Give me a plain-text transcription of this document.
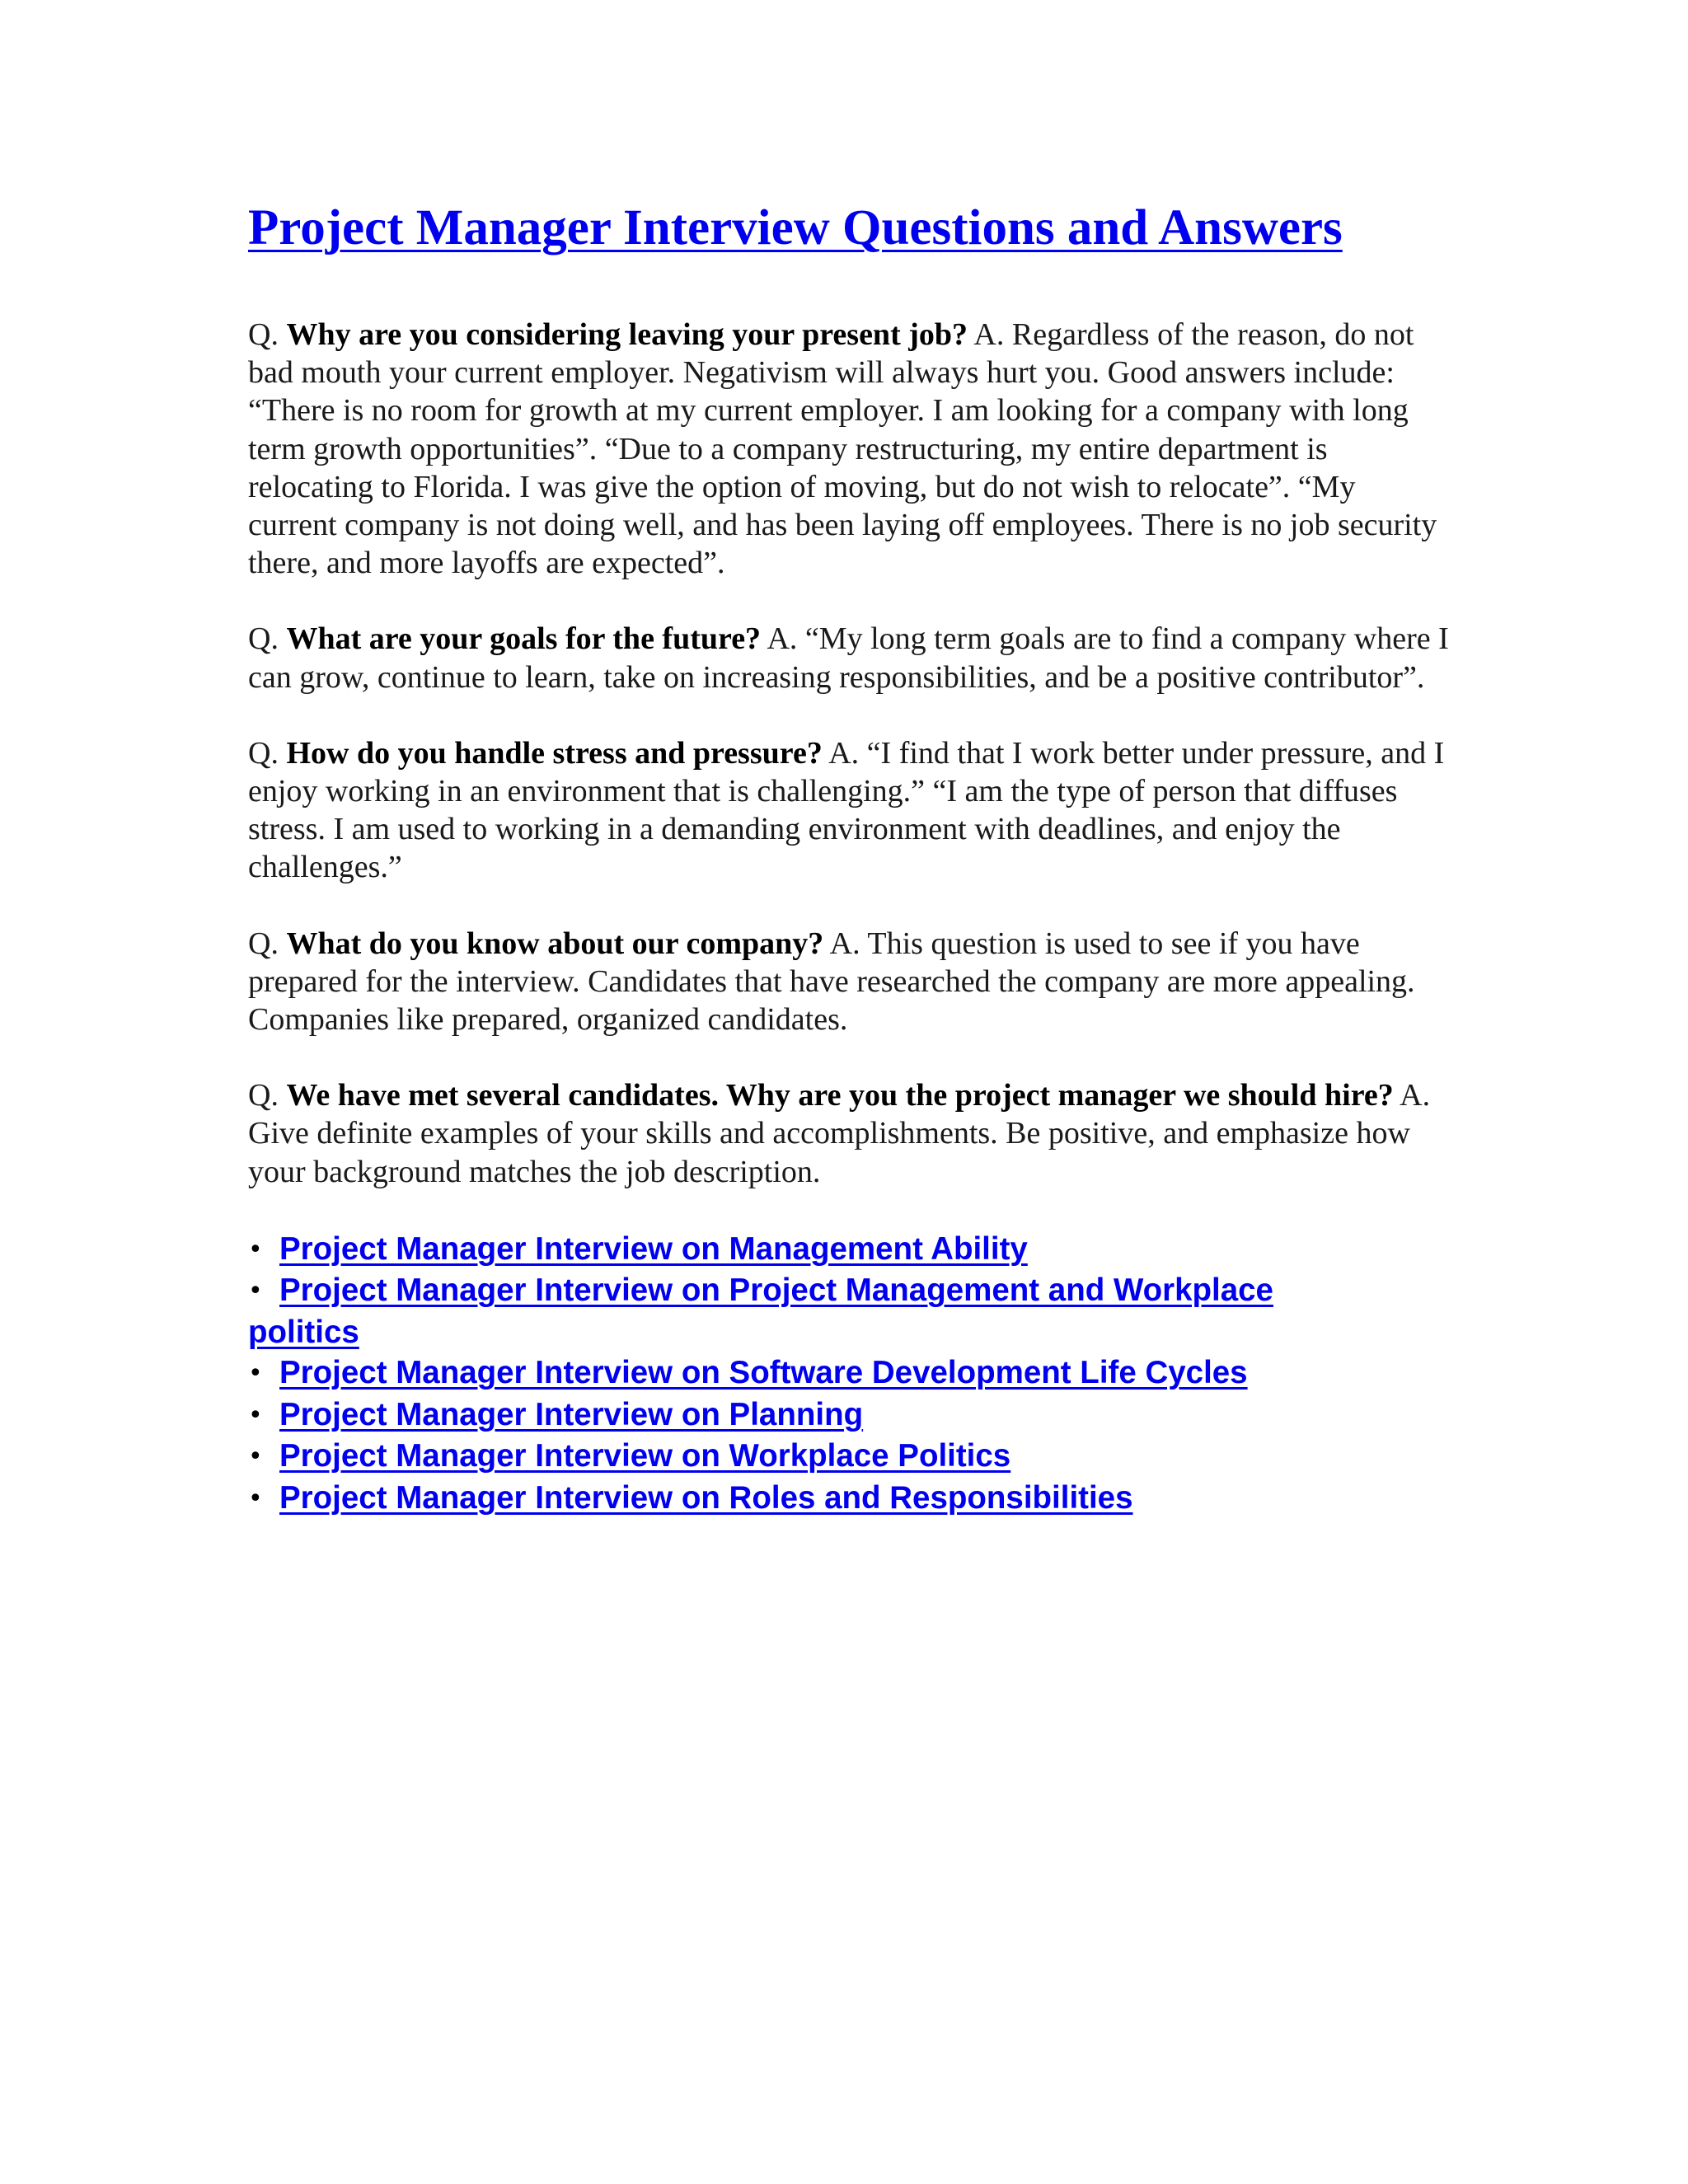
Project Manager Interview Questions and Answers

Q. Why are you considering leaving your present job? A. Regardless of the reason, do not bad mouth your current employer. Negativism will always hurt you. Good answers include: “There is no room for growth at my current employer. I am looking for a company with long term growth opportunities”. “Due to a company restructuring, my entire department is relocating to Florida. I was give the option of moving, but do not wish to relocate”. “My current company is not doing well, and has been laying off employees. There is no job security there, and more layoffs are expected”.

Q. What are your goals for the future? A. “My long term goals are to find a company where I can grow, continue to learn, take on increasing responsibilities, and be a positive contributor”.

Q. How do you handle stress and pressure? A. “I find that I work better under pressure, and I enjoy working in an environment that is challenging.” “I am the type of person that diffuses stress. I am used to working in a demanding environment with deadlines, and enjoy the challenges.”

Q. What do you know about our company? A. This question is used to see if you have prepared for the interview. Candidates that have researched the company are more appealing. Companies like prepared, organized candidates.

Q. We have met several candidates. Why are you the project manager we should hire? A. Give definite examples of your skills and accomplishments. Be positive, and emphasize how your background matches the job description.

• Project Manager Interview on Management Ability
• Project Manager Interview on Project Management and Workplace politics
• Project Manager Interview on Software Development Life Cycles
• Project Manager Interview on Planning
• Project Manager Interview on Workplace Politics
• Project Manager Interview on Roles and Responsibilities
